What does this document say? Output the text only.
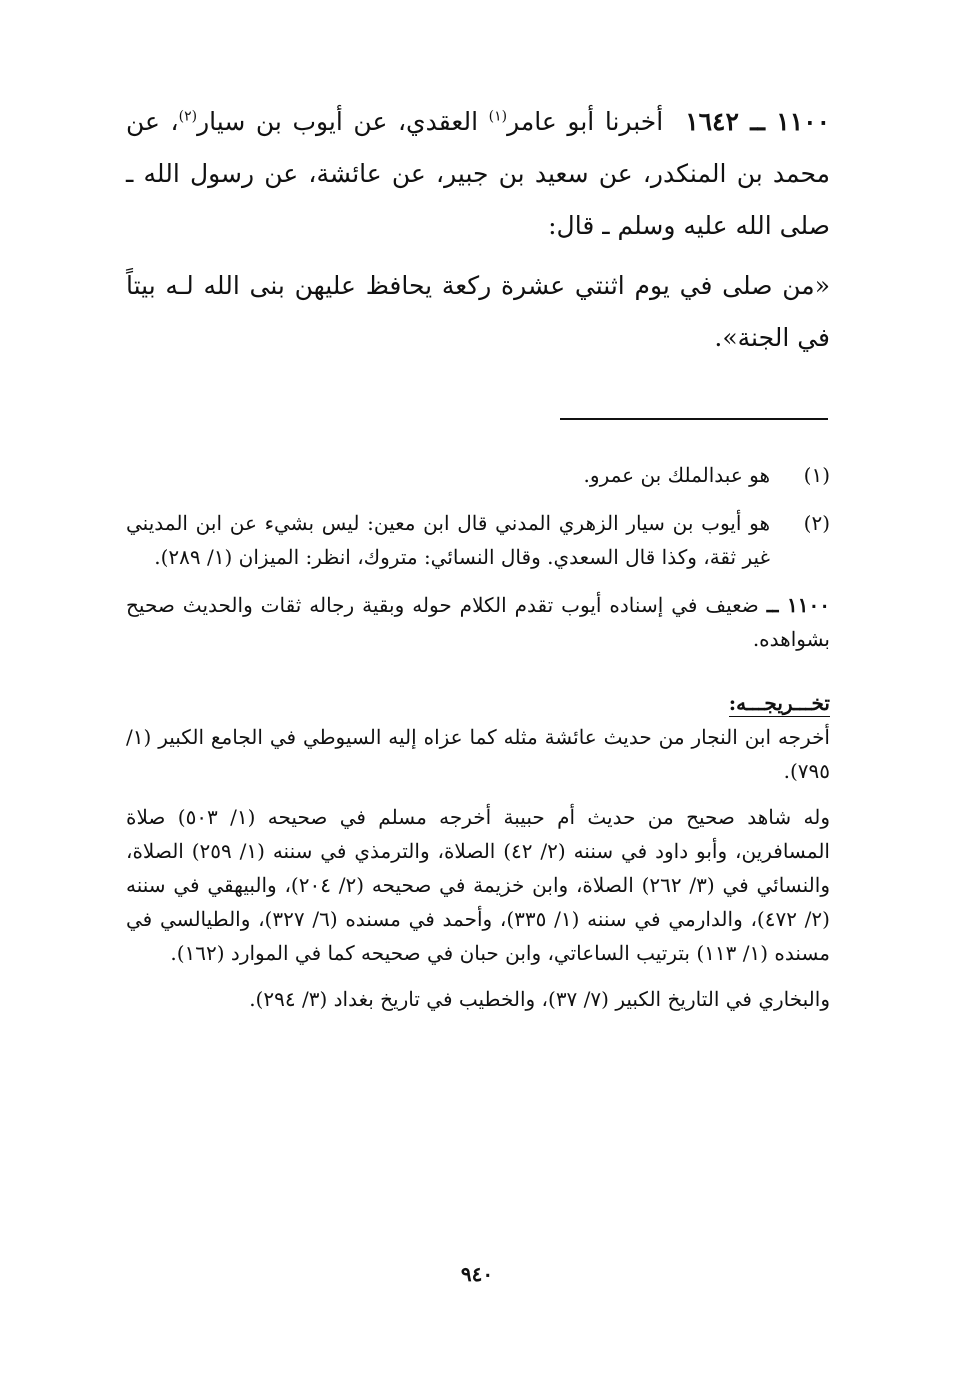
١١٠٠ ــ ١٦٤٢أخبرنا أبو عامر$^{(١)}$ العقدي، عن أيوب بن سيار$^{(٢)}$، عن محمد بن المنكدر، عن سعيد بن جبير، عن عائشة، عن رسول الله ـ صلى الله عليه وسلم ـ قال:
«من صلى في يوم اثنتي عشرة ركعة يحافظ عليهن بنى الله لـه بيتاً في الجنة».
(١)
هو عبدالملك بن عمرو.
(٢)
هو أيوب بن سيار الزهري المدني قال ابن معين: ليس بشيء عن ابن المديني غير ثقة، وكذا قال السعدي. وقال النسائي: متروك، انظر: الميزان (١/ ٢٨٩).
١١٠٠ ــ ضعيف في إسناده أيوب تقدم الكلام حوله وبقية رجاله ثقات والحديث صحيح بشواهده.
تخـــريجـــه:
أخرجه ابن النجار من حديث عائشة مثله كما عزاه إليه السيوطي في الجامع الكبير (١/ ٧٩٥).
وله شاهد صحيح من حديث أم حبيبة أخرجه مسلم في صحيحه (١/ ٥٠٣) صلاة المسافرين، وأبو داود في سننه (٢/ ٤٢) الصلاة، والترمذي في سننه (١/ ٢٥٩) الصلاة، والنسائي في (٣/ ٢٦٢) الصلاة، وابن خزيمة في صحيحه (٢/ ٢٠٤)، والبيهقي في سننه (٢/ ٤٧٢)، والدارمي في سننه (١/ ٣٣٥)، وأحمد في مسنده (٦/ ٣٢٧)، والطيالسي في مسنده (١/ ١١٣) بترتيب الساعاتي، وابن حبان في صحيحه كما في الموارد (١٦٢).
والبخاري في التاريخ الكبير (٧/ ٣٧)، والخطيب في تاريخ بغداد (٣/ ٢٩٤).
٩٤٠
